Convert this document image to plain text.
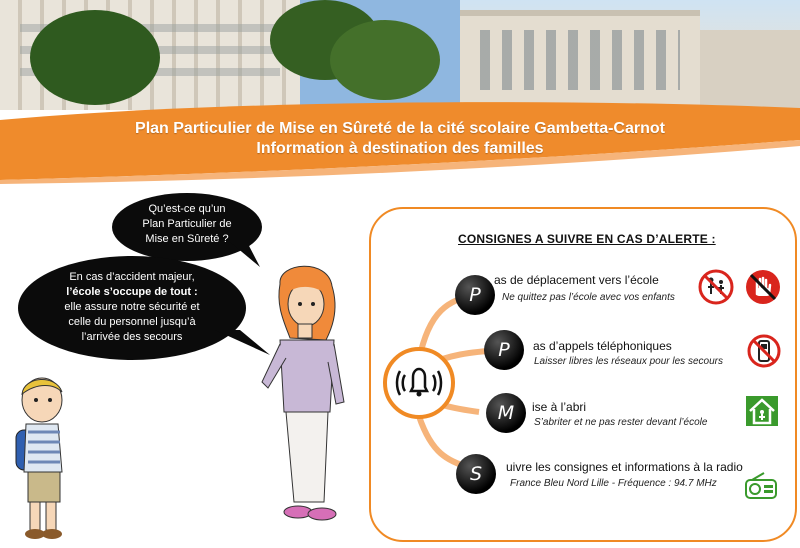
Plan Particulier de Mise en Sûreté de la cité scolaire Gambetta-Carnot
Information à destination des familles
Qu’est-ce qu’un
Plan Particulier de
Mise en Sûreté ?
En cas d’accident majeur,
l’école s’occupe de tout :
elle assure notre sécurité et
celle du personnel jusqu’à
l’arrivée des secours
CONSIGNES A SUIVRE EN CAS D’ALERTE :
P
as de déplacement vers l’école
Ne quittez pas l’école avec vos enfants
P	as d’appels téléphoniques
Laisser libres les réseaux pour les secours
M	ise à l’abri
S’abriter et ne pas rester devant l’école
S	uivre les consignes et informations à la radio
France Bleu Nord Lille - Fréquence : 94.7 MHz
